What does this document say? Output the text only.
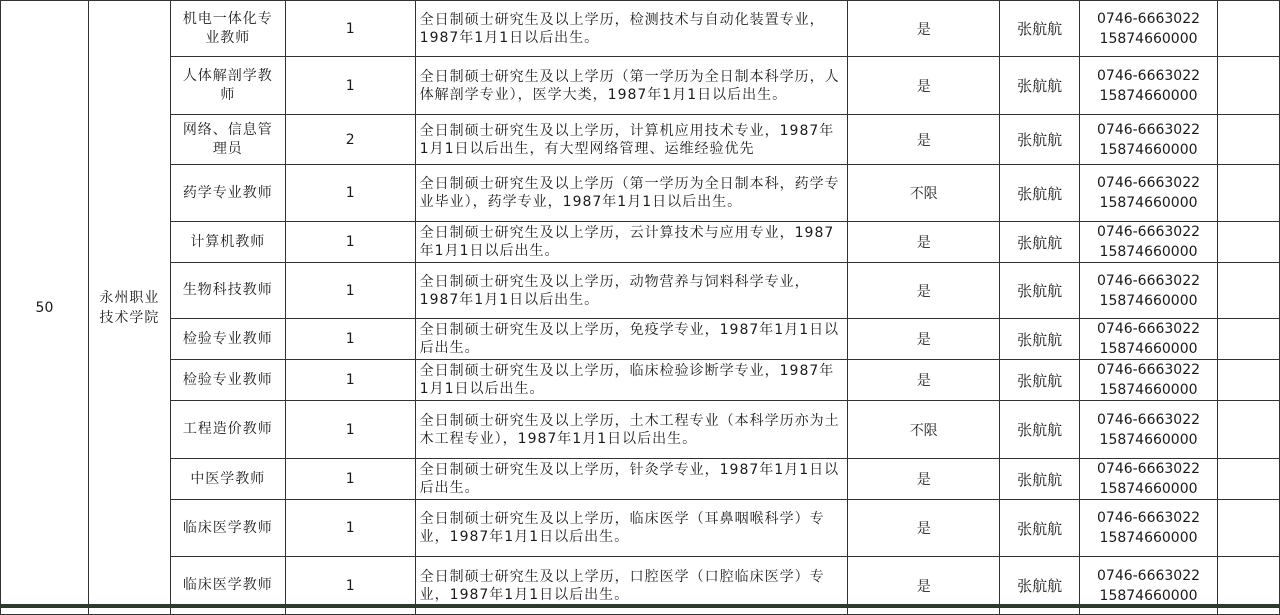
50	永州职业技术学院	机电一体化专业教师	1	全日制硕士研究生及以上学历，检测技术与自动化装置专业，1987年1月1日以后出生。	是	张航航	0746-6663022
15874660000	

		人体解剖学教师	1	全日制硕士研究生及以上学历（第一学历为全日制本科学历，人体解剖学专业），医学大类，1987年1月1日以后出生。	是	张航航	0746-6663022
15874660000	

		网络、信息管理员	2	全日制硕士研究生及以上学历，计算机应用技术专业，1987年1月1日以后出生，有大型网络管理、运维经验优先	是	张航航	0746-6663022
15874660000	

		药学专业教师	1	全日制硕士研究生及以上学历（第一学历为全日制本科，药学专业毕业），药学专业，1987年1月1日以后出生。	不限	张航航	0746-6663022
15874660000	

		计算机教师	1	全日制硕士研究生及以上学历，云计算技术与应用专业，1987年1月1日以后出生。	是	张航航	0746-6663022
15874660000	

		生物科技教师	1	全日制硕士研究生及以上学历，动物营养与饲料科学专业，1987年1月1日以后出生。	是	张航航	0746-6663022
15874660000	

		检验专业教师	1	全日制硕士研究生及以上学历，免疫学专业，1987年1月1日以后出生。	是	张航航	0746-6663022
15874660000	

		检验专业教师	1	全日制硕士研究生及以上学历，临床检验诊断学专业，1987年1月1日以后出生。	是	张航航	0746-6663022
15874660000	

		工程造价教师	1	全日制硕士研究生及以上学历，土木工程专业（本科学历亦为土木工程专业），1987年1月1日以后出生。	不限	张航航	0746-6663022
15874660000	

		中医学教师	1	全日制硕士研究生及以上学历，针灸学专业，1987年1月1日以后出生。	是	张航航	0746-6663022
15874660000	

		临床医学教师	1	全日制硕士研究生及以上学历，临床医学（耳鼻咽喉科学）专业，1987年1月1日以后出生。	是	张航航	0746-6663022
15874660000	

		临床医学教师	1	全日制硕士研究生及以上学历，口腔医学（口腔临床医学）专业，1987年1月1日以后出生。	是	张航航	0746-6663022
15874660000	
